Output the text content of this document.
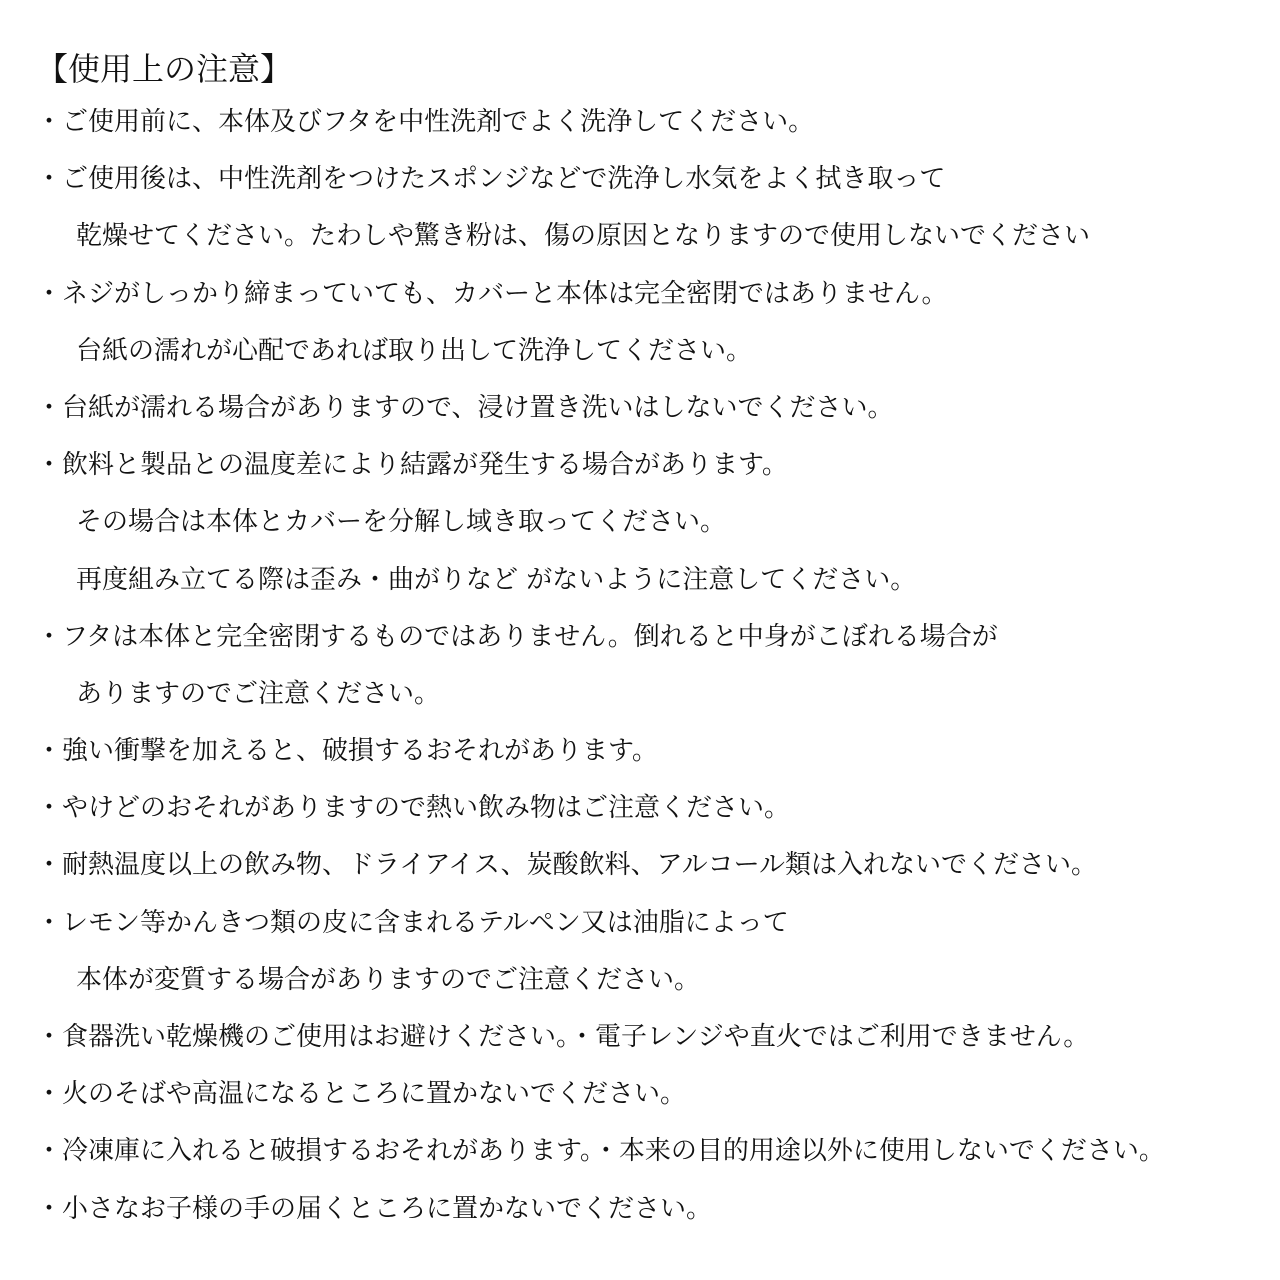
【使用上の注意】
・ご使用前に、本体及びフタを中性洗剤でよく洗浄してください。
・ご使用後は、中性洗剤をつけたスポンジなどで洗浄し水気をよく拭き取って
乾燥せてください。たわしや驚き粉は、傷の原因となりますので使用しないでください
・ネジがしっかり締まっていても、カバーと本体は完全密閉ではありません。
台紙の濡れが心配であれば取り出して洗浄してください。
・台紙が濡れる場合がありますので、浸け置き洗いはしないでください。
・飲料と製品との温度差により結露が発生する場合があります。
その場合は本体とカバーを分解し域き取ってください。
再度組み立てる際は歪み・曲がりなど がないように注意してください。
・フタは本体と完全密閉するものではありません。倒れると中身がこぼれる場合が
ありますのでご注意ください。
・強い衝撃を加えると、破損するおそれがあります。
・やけどのおそれがありますので熱い飲み物はご注意ください。
・耐熱温度以上の飲み物、ドライアイス、炭酸飲料、アルコール類は入れないでください。
・レモン等かんきつ類の皮に含まれるテルペン又は油脂によって
本体が変質する場合がありますのでご注意ください。
・食器洗い乾燥機のご使用はお避けください。・電子レンジや直火ではご利用できません。
・火のそばや高温になるところに置かないでください。
・冷凍庫に入れると破損するおそれがあります。・本来の目的用途以外に使用しないでください。
・小さなお子様の手の届くところに置かないでください。
